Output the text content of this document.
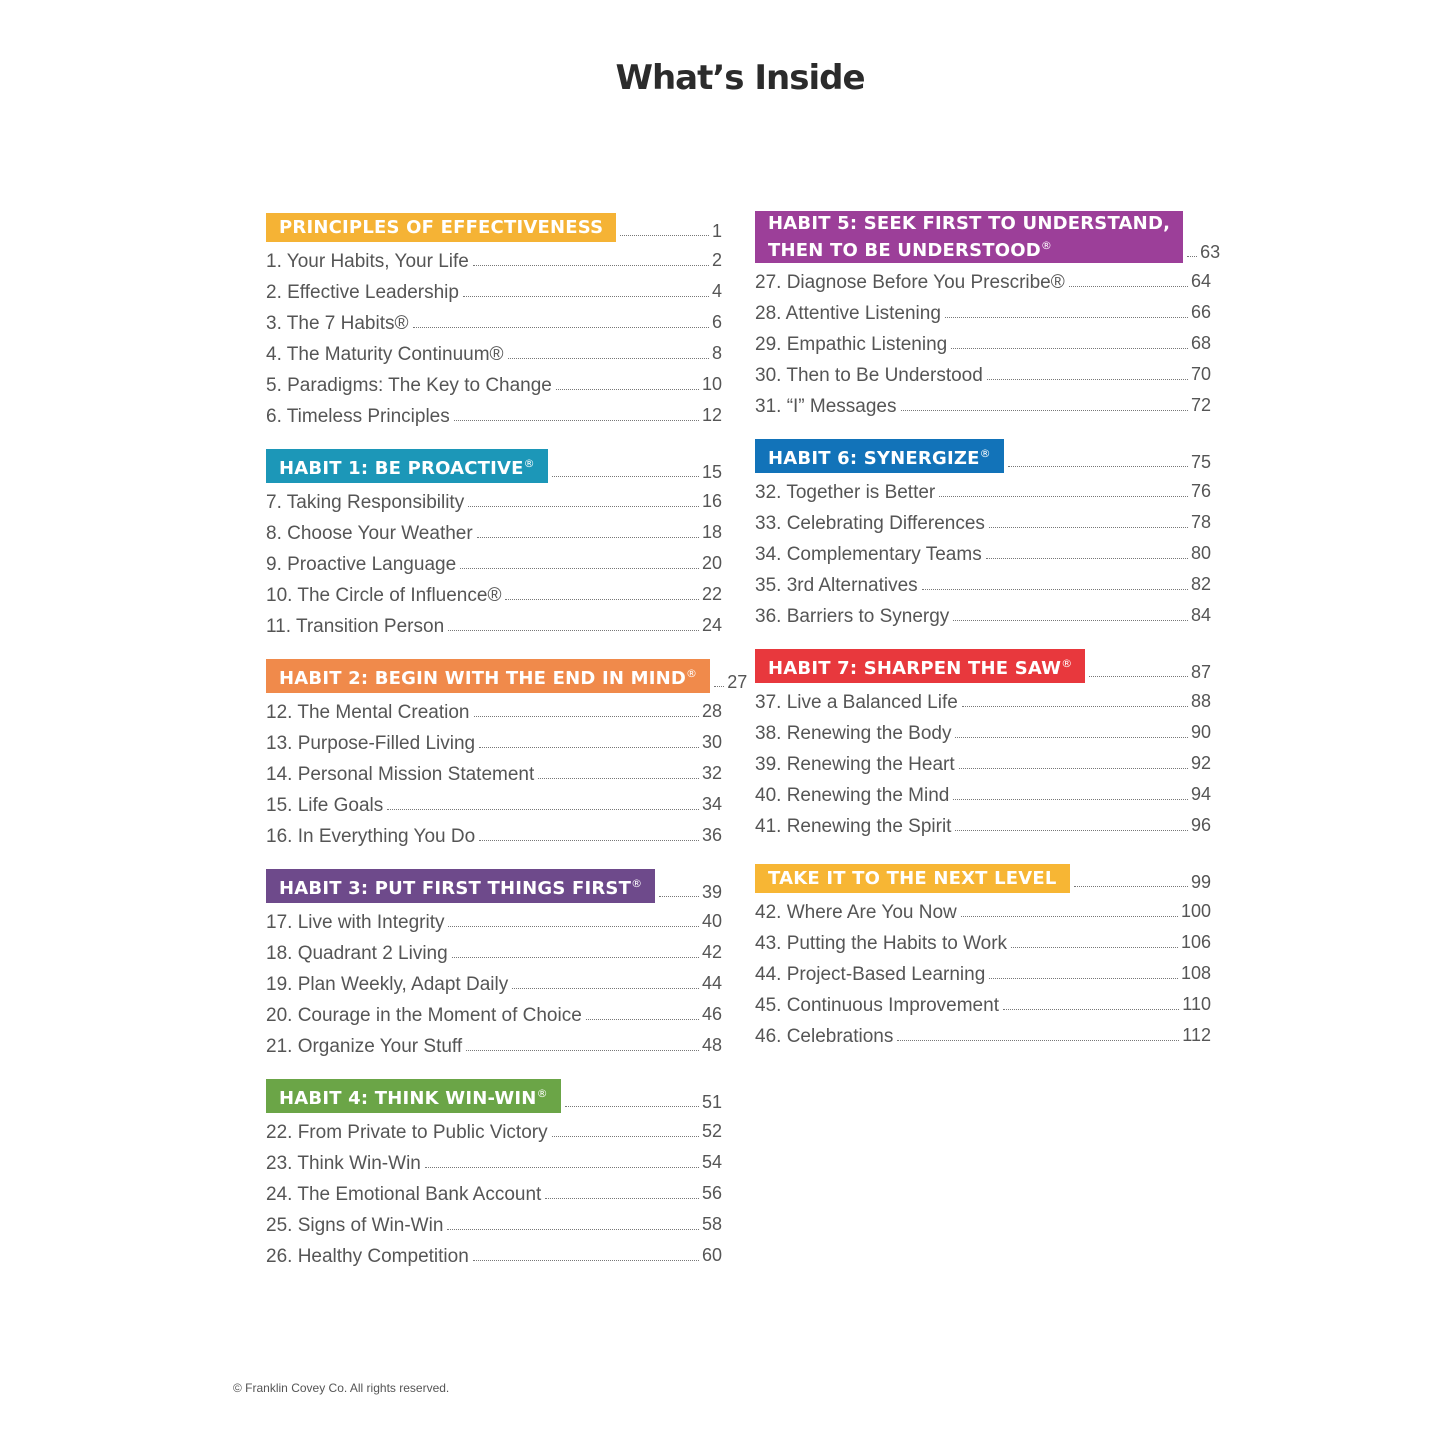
What’s Inside
PRINCIPLES OF EFFECTIVENESS	1
1. Your Habits, Your Life	2
2. Effective Leadership	4
3. The 7 Habits®	6
4. The Maturity Continuum®	8
5. Paradigms: The Key to Change	10
6. Timeless Principles	12
HABIT 1: BE PROACTIVE®	15
7. Taking Responsibility	16
8. Choose Your Weather	18
9. Proactive Language	20
10. The Circle of Influence®	22
11. Transition Person	24
HABIT 2: BEGIN WITH THE END IN MIND®	27
12. The Mental Creation	28
13. Purpose-Filled Living	30
14. Personal Mission Statement	32
15. Life Goals	34
16. In Everything You Do	36
HABIT 3: PUT FIRST THINGS FIRST®	39
17. Live with Integrity	40
18. Quadrant 2 Living	42
19. Plan Weekly, Adapt Daily	44
20. Courage in the Moment of Choice	46
21. Organize Your Stuff	48
HABIT 4: THINK WIN-WIN®	51
22. From Private to Public Victory	52
23. Think Win-Win	54
24. The Emotional Bank Account	56
25. Signs of Win-Win	58
26. Healthy Competition	60
HABIT 5: SEEK FIRST TO UNDERSTAND,
THEN TO BE UNDERSTOOD®	63
27. Diagnose Before You Prescribe®	64
28. Attentive Listening	66
29. Empathic Listening	68
30. Then to Be Understood	70
31. “I” Messages	72
HABIT 6: SYNERGIZE®	75
32. Together is Better	76
33. Celebrating Differences	78
34. Complementary Teams	80
35. 3rd Alternatives	82
36. Barriers to Synergy	84
HABIT 7: SHARPEN THE SAW®	87
37. Live a Balanced Life	88
38. Renewing the Body	90
39. Renewing the Heart	92
40. Renewing the Mind	94
41. Renewing the Spirit	96
TAKE IT TO THE NEXT LEVEL	99
42. Where Are You Now	100
43. Putting the Habits to Work	106
44. Project-Based Learning	108
45. Continuous Improvement	110
46. Celebrations	112
© Franklin Covey Co. All rights reserved.
